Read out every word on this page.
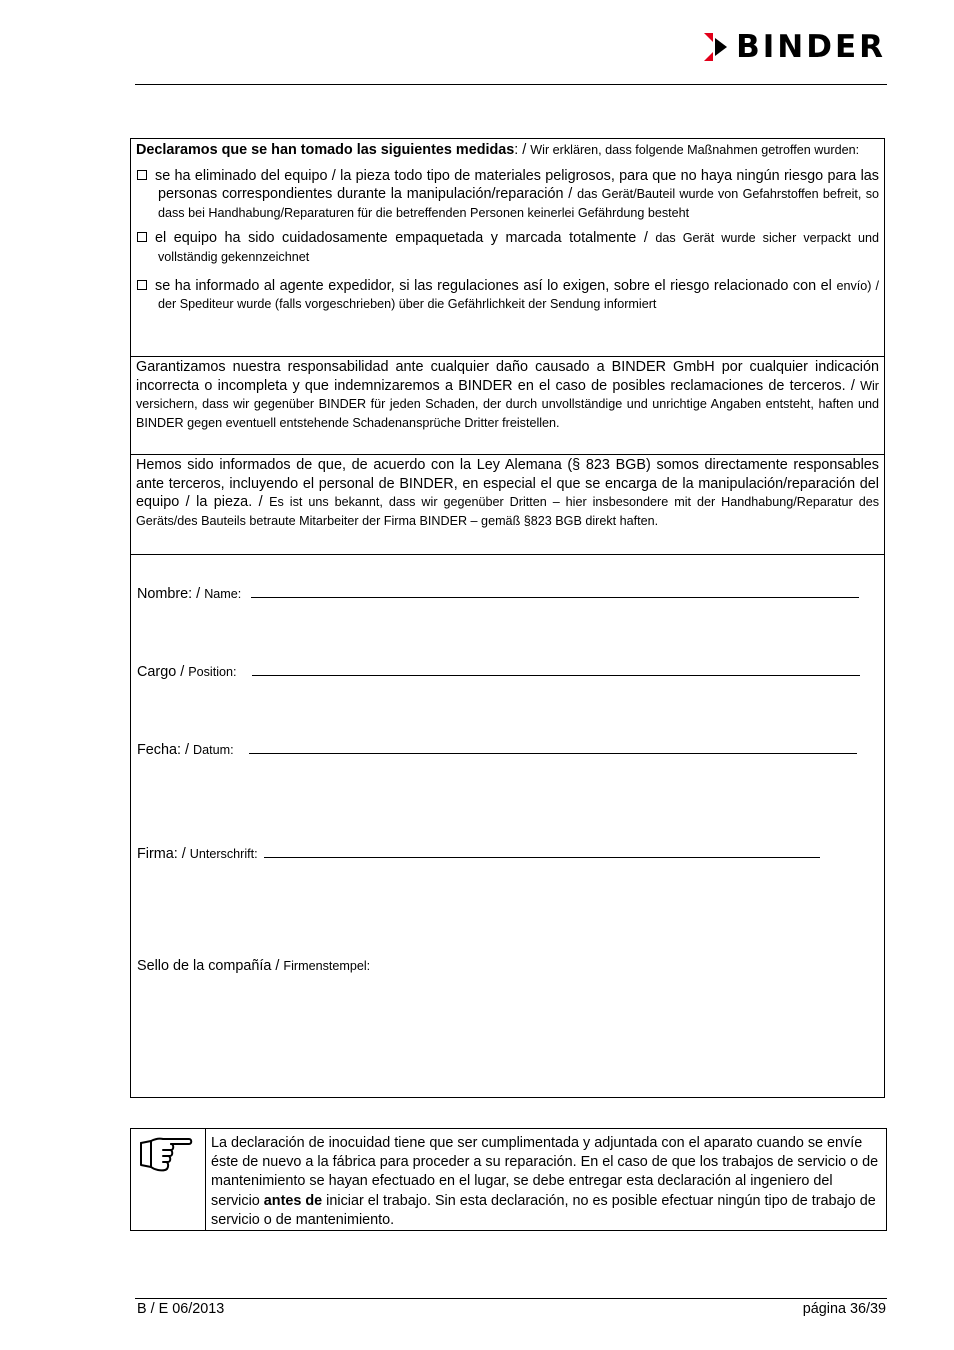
BINDER

Declaramos que se han tomado las siguientes medidas: / Wir erklären, dass folgende Maßnahmen getroffen wurden:

se ha eliminado del equipo / la pieza todo tipo de materiales peligrosos, para que no haya ningún riesgo para las personas correspondientes durante la manipulación/reparación / das Gerät/Bauteil wurde von Gefahrstoffen befreit, so dass bei Handhabung/Reparaturen für die betreffenden Personen keinerlei Gefährdung besteht

el equipo ha sido cuidadosamente empaquetada y marcada totalmente / das Gerät wurde sicher verpackt und vollständig gekennzeichnet

se ha informado al agente expedidor, si las regulaciones así lo exigen, sobre el riesgo relacionado con el envío) / der Spediteur wurde (falls vorgeschrieben) über die Gefährlichkeit der Sendung informiert

Garantizamos nuestra responsabilidad ante cualquier daño causado a BINDER GmbH por cualquier indicación incorrecta o incompleta y que indemnizaremos a BINDER en el caso de posibles reclamaciones de terceros. / Wir versichern, dass wir gegenüber BINDER für jeden Schaden, der durch unvollständige und unrichtige Angaben entsteht, haften und BINDER gegen eventuell entstehende Schadenansprüche Dritter freistellen.

Hemos sido informados de que, de acuerdo con la Ley Alemana (§ 823 BGB) somos directamente responsables ante terceros, incluyendo el personal de BINDER, en especial el que se encarga de la manipulación/reparación del equipo / la pieza. / Es ist uns bekannt, dass wir gegenüber Dritten – hier insbesondere mit der Handhabung/Reparatur des Geräts/des Bauteils betraute Mitarbeiter der Firma BINDER – gemäß §823 BGB direkt haften.

Nombre: / Name:
Cargo / Position:
Fecha: / Datum:
Firma: / Unterschrift:
Sello de la compañía / Firmenstempel:
La declaración de inocuidad tiene que ser cumplimentada y adjuntada con el aparato cuando se envíe éste de nuevo a la fábrica para proceder a su reparación. En el caso de que los trabajos de servicio o de mantenimiento se hayan efectuado en el lugar, se debe entregar esta declaración al ingeniero del servicio antes de iniciar el trabajo. Sin esta declaración, no es posible efectuar ningún tipo de trabajo de servicio o de mantenimiento.
B / E 06/2013	página 36/39
